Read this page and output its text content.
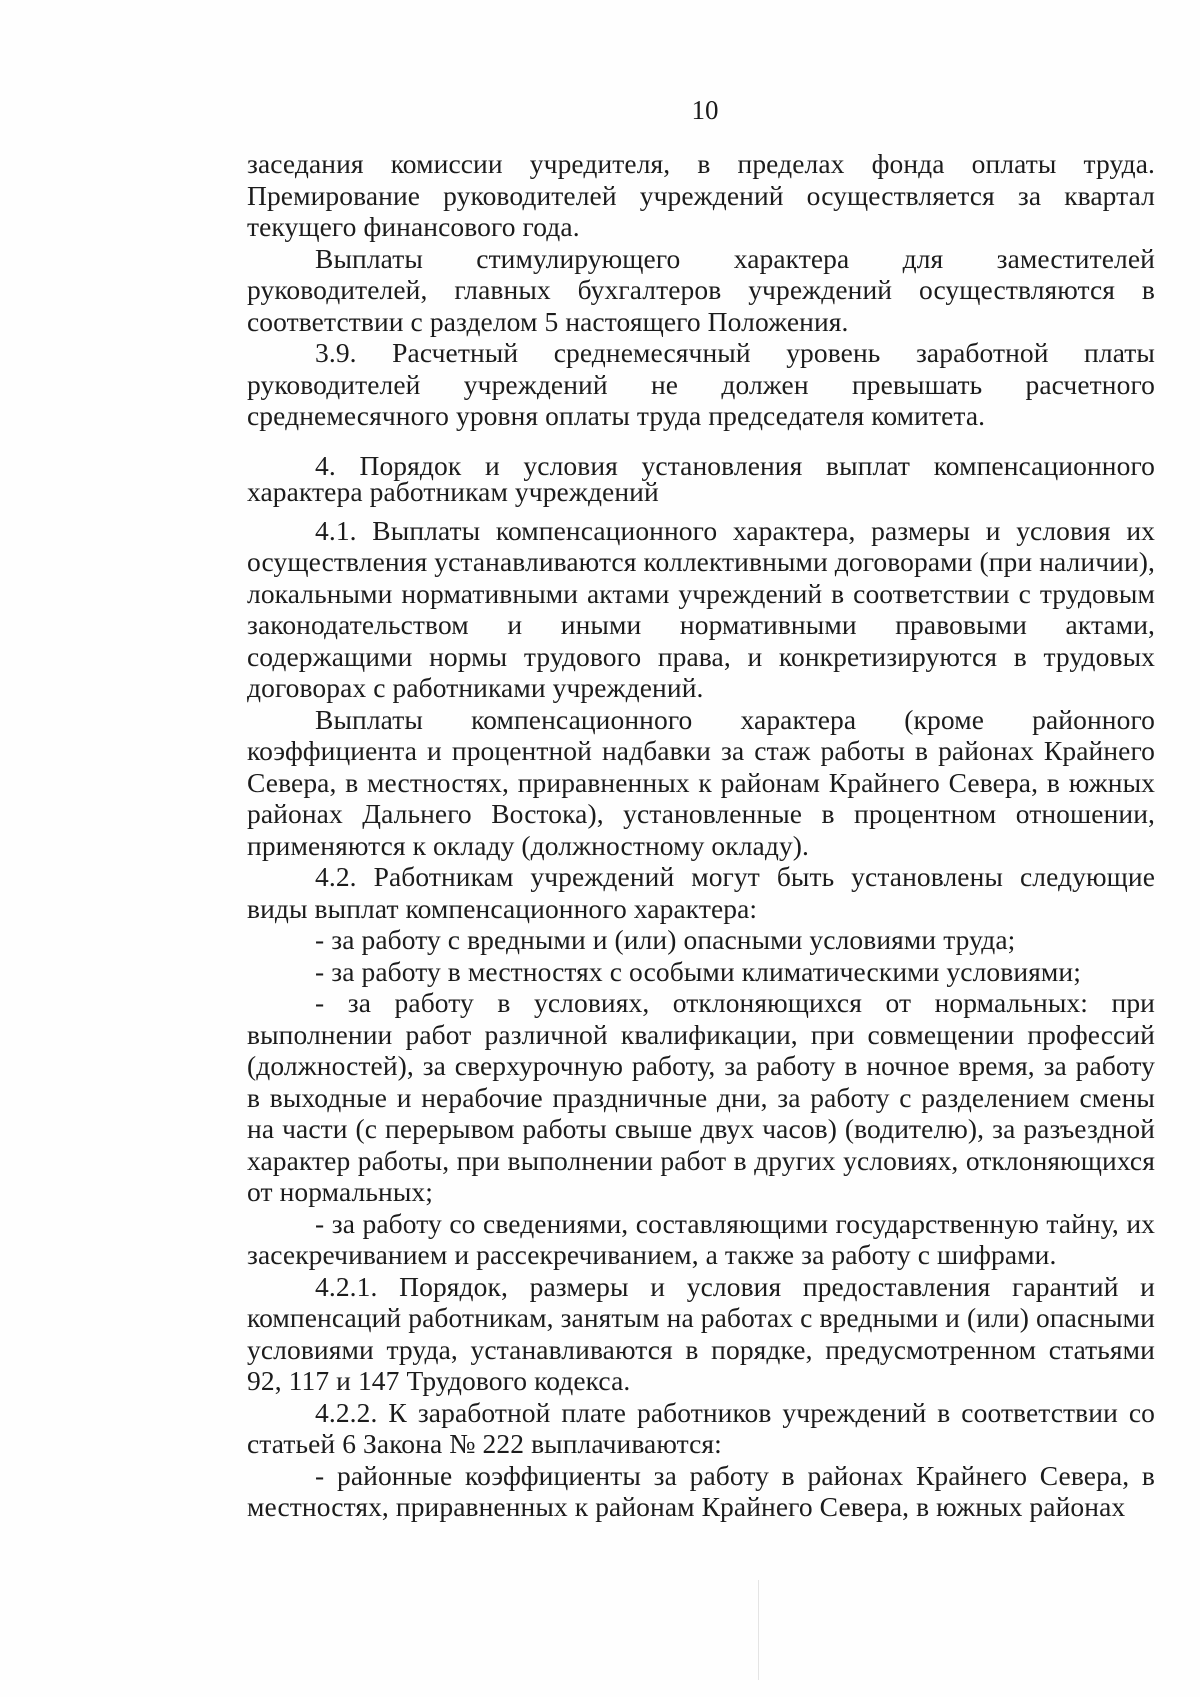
10

заседания комиссии учредителя, в пределах фонда оплаты труда. Премирование руководителей учреждений осуществляется за квартал текущего финансового года.

Выплаты стимулирующего характера для заместителей руководителей, главных бухгалтеров учреждений осуществляются в соответствии с разделом 5 настоящего Положения.

3.9. Расчетный среднемесячный уровень заработной платы руководителей учреждений не должен превышать расчетного среднемесячного уровня оплаты труда председателя комитета.

4. Порядок и условия установления выплат компенсационного характера работникам учреждений

4.1. Выплаты компенсационного характера, размеры и условия их осуществления устанавливаются коллективными договорами (при наличии), локальными нормативными актами учреждений в соответствии с трудовым законодательством и иными нормативными правовыми актами, содержащими нормы трудового права, и конкретизируются в трудовых договорах с работниками учреждений.

Выплаты компенсационного характера (кроме районного коэффициента и процентной надбавки за стаж работы в районах Крайнего Севера, в местностях, приравненных к районам Крайнего Севера, в южных районах Дальнего Востока), установленные в процентном отношении, применяются к окладу (должностному окладу).

4.2. Работникам учреждений могут быть установлены следующие виды выплат компенсационного характера:

- за работу с вредными и (или) опасными условиями труда;

- за работу в местностях с особыми климатическими условиями;

- за работу в условиях, отклоняющихся от нормальных: при выполнении работ различной квалификации, при совмещении профессий (должностей), за сверхурочную работу, за работу в ночное время, за работу в выходные и нерабочие праздничные дни, за работу с разделением смены на части (с перерывом работы свыше двух часов) (водителю), за разъездной характер работы, при выполнении работ в других условиях, отклоняющихся от нормальных;

- за работу со сведениями, составляющими государственную тайну, их засекречиванием и рассекречиванием, а также за работу с шифрами.

4.2.1. Порядок, размеры и условия предоставления гарантий и компенсаций работникам, занятым на работах с вредными и (или) опасными условиями труда, устанавливаются в порядке, предусмотренном статьями 92, 117 и 147 Трудового кодекса.

4.2.2. К заработной плате работников учреждений в соответствии со статьей 6 Закона № 222 выплачиваются:

- районные коэффициенты за работу в районах Крайнего Севера, в местностях, приравненных к районам Крайнего Севера, в южных районах
